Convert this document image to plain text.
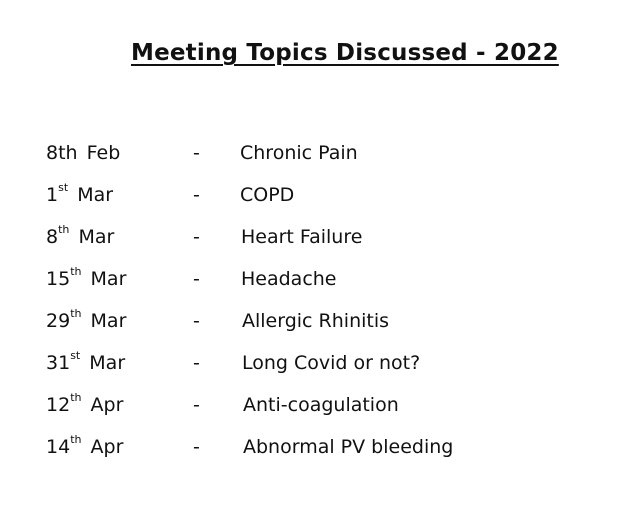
Meeting Topics Discussed - 2022
8th Feb	- Chronic Pain
1st Mar	- COPD
8th Mar	- Heart Failure
15th Mar	- Headache
29th Mar	- Allergic Rhinitis
31st Mar	- Long Covid or not?
12th Apr	- Anti-coagulation
14th Apr	- Abnormal PV bleeding
